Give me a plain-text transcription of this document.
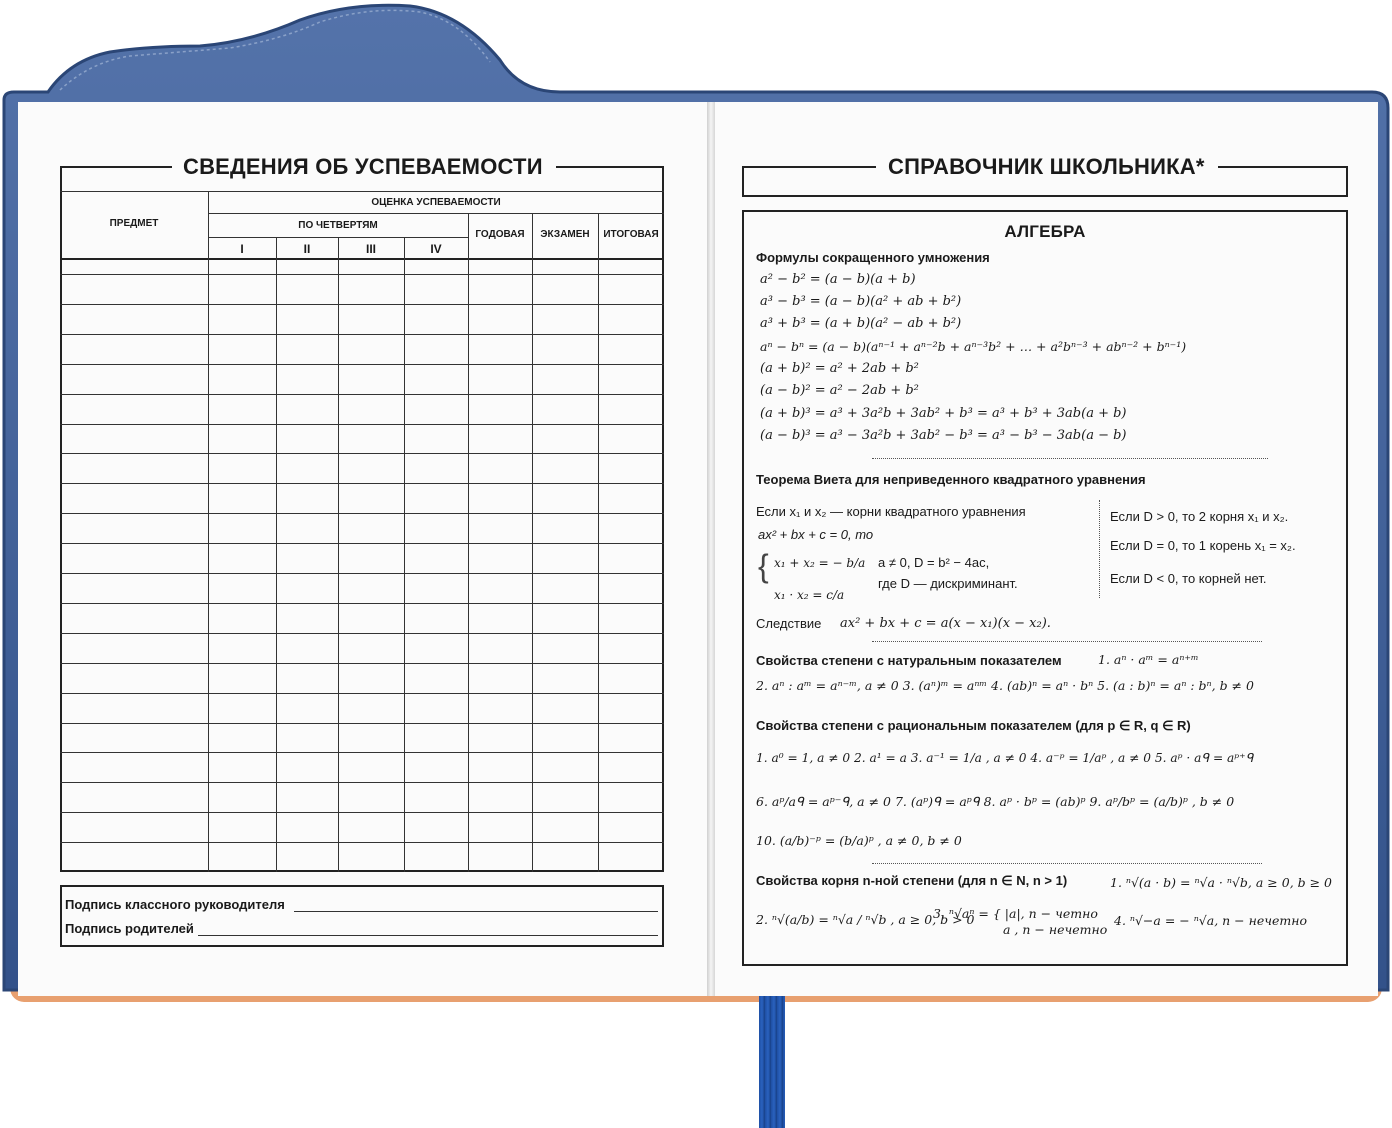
СВЕДЕНИЯ ОБ УСПЕВАЕМОСТИ
ПРЕДМЕТ
ОЦЕНКА УСПЕВАЕМОСТИ
ПО ЧЕТВЕРТЯМ
I	II	III	IV
ГОДОВАЯ	ЭКЗАМЕН	ИТОГОВАЯ
Подпись классного руководителя
Подпись родителей
СПРАВОЧНИК ШКОЛЬНИКА*
АЛГЕБРА
Формулы сокращенного умножения
a² − b² = (a − b)(a + b)
a³ − b³ = (a − b)(a² + ab + b²)
a³ + b³ = (a + b)(a² − ab + b²)
aⁿ − bⁿ = (a − b)(aⁿ⁻¹ + aⁿ⁻²b + aⁿ⁻³b² + … + a²bⁿ⁻³ + abⁿ⁻² + bⁿ⁻¹)
(a + b)² = a² + 2ab + b²
(a − b)² = a² − 2ab + b²
(a + b)³ = a³ + 3a²b + 3ab² + b³ = a³ + b³ + 3ab(a + b)
(a − b)³ = a³ − 3a²b + 3ab² − b³ = a³ − b³ − 3ab(a − b)
Теорема Виета для неприведенного квадратного уравнения
Если x₁ и x₂ — корни квадратного уравнения
ax² + bx + c = 0, то
{ x₁ + x₂ = − b/a
x₁ · x₂ = c/a
a ≠ 0, D = b² − 4ac,
где D — дискриминант.
Если D > 0, то 2 корня x₁ и x₂.
Если D = 0, то 1 корень x₁ = x₂.
Если D < 0, то корней нет.
Следствие ax² + bx + c = a(x − x₁)(x − x₂).
Свойства степени с натуральным показателем	1. aⁿ · aᵐ = aⁿ⁺ᵐ
2. aⁿ : aᵐ = aⁿ⁻ᵐ, a ≠ 0 3. (aⁿ)ᵐ = aⁿᵐ 4. (ab)ⁿ = aⁿ · bⁿ 5. (a : b)ⁿ = aⁿ : bⁿ, b ≠ 0
Свойства степени с рациональным показателем (для p ∈ R, q ∈ R)
1. a⁰ = 1, a ≠ 0 2. a¹ = a 3. a⁻¹ = 1/a , a ≠ 0 4. a⁻ᵖ = 1/aᵖ , a ≠ 0 5. aᵖ · aᑫ = aᵖ⁺ᑫ
6. aᵖ/aᑫ = aᵖ⁻ᑫ, a ≠ 0 7. (aᵖ)ᑫ = aᵖᑫ 8. aᵖ · bᵖ = (ab)ᵖ 9. aᵖ/bᵖ = (a/b)ᵖ , b ≠ 0
10. (a/b)⁻ᵖ = (b/a)ᵖ , a ≠ 0, b ≠ 0
Свойства корня n-ной степени (для n ∈ N, n > 1)	1. ⁿ√(a · b) = ⁿ√a · ⁿ√b, a ≥ 0, b ≥ 0
2. ⁿ√(a/b) = ⁿ√a / ⁿ√b , a ≥ 0, b > 0
3. ⁿ√aⁿ = { |a|, n − четно
a , n − нечетно
4. ⁿ√−a = − ⁿ√a, n − нечетно
